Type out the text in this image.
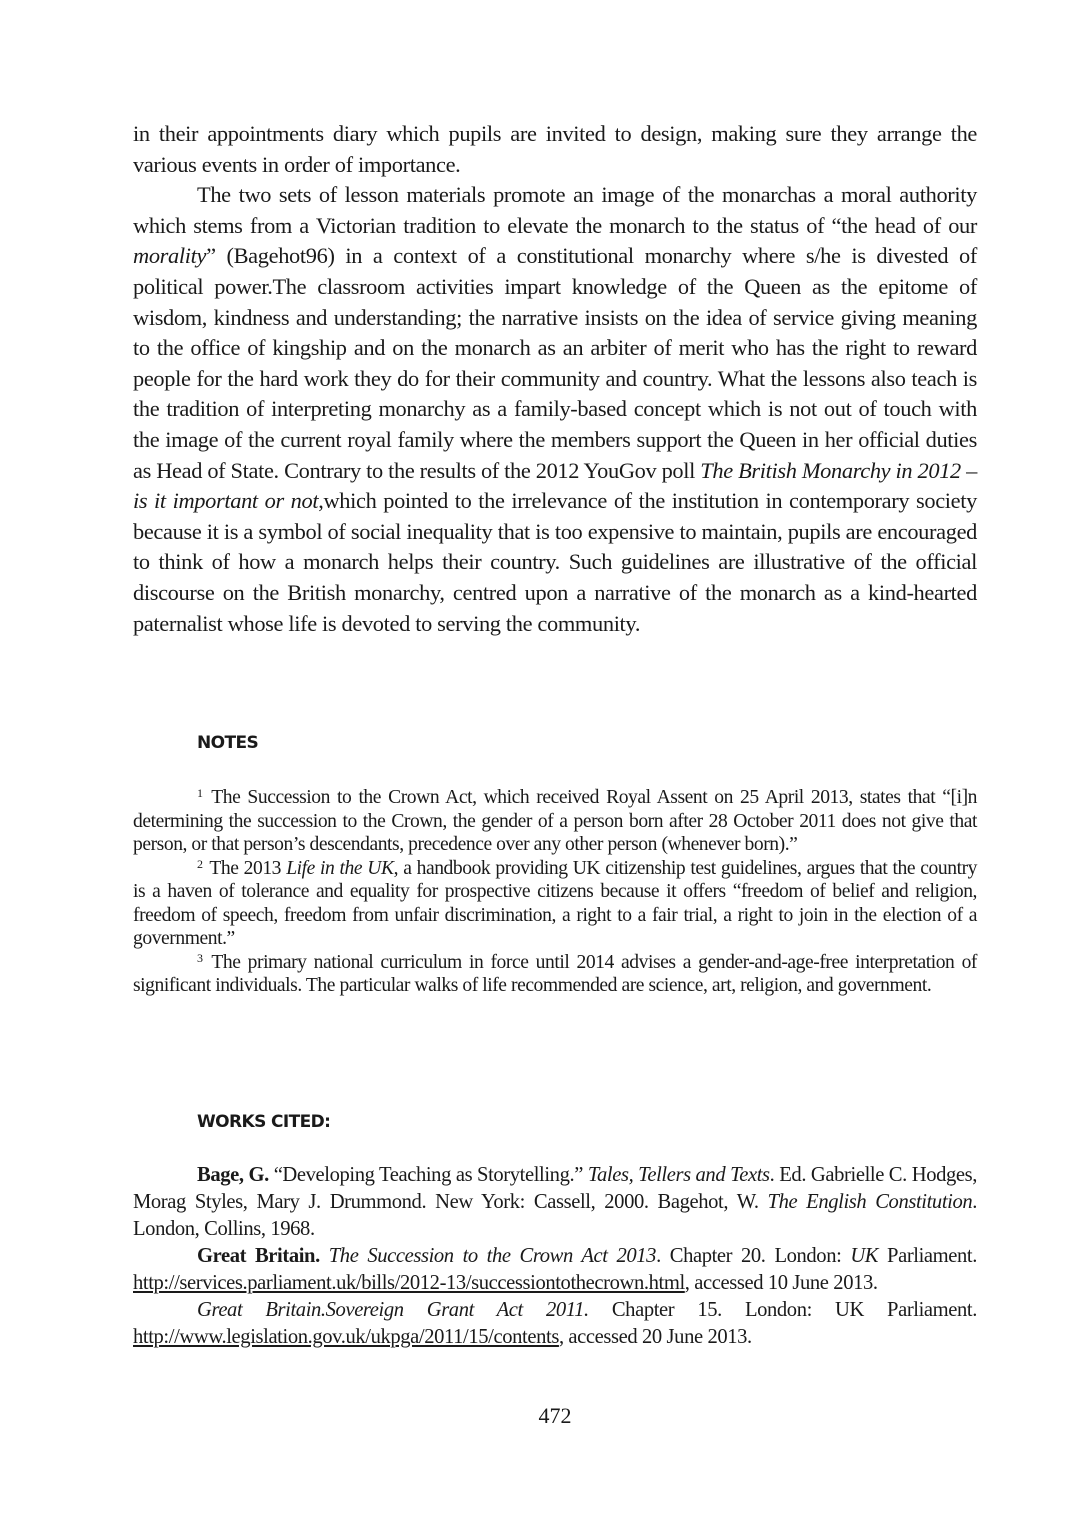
in their appointments diary which pupils are invited to design, making sure they arrange the various events in order of importance.

The two sets of lesson materials promote an image of the monarchas a moral authority which stems from a Victorian tradition to elevate the monarch to the status of “the head of our morality” (Bagehot96) in a context of a constitutional monarchy where s/he is divested of political power.The classroom activities impart knowledge of the Queen as the epitome of wisdom, kindness and understanding; the narrative insists on the idea of service giving meaning to the office of kingship and on the monarch as an arbiter of merit who has the right to reward people for the hard work they do for their community and country. What the lessons also teach is the tradition of interpreting monarchy as a family-based concept which is not out of touch with the image of the current royal family where the members support the Queen in her official duties as Head of State. Contrary to the results of the 2012 YouGov poll The British Monarchy in 2012 – is it important or not,which pointed to the irrelevance of the institution in contemporary society because it is a symbol of social inequality that is too expensive to maintain, pupils are encouraged to think of how a monarch helps their country. Such guidelines are illustrative of the official discourse on the British monarchy, centred upon a narrative of the monarch as a kind-hearted paternalist whose life is devoted to serving the community.

NOTES

$^1$ The Succession to the Crown Act, which received Royal Assent on 25 April 2013, states that “[i]n determining the succession to the Crown, the gender of a person born after 28 October 2011 does not give that person, or that person’s descendants, precedence over any other person (whenever born).”

$^2$ The 2013 Life in the UK, a handbook providing UK citizenship test guidelines, argues that the country is a haven of tolerance and equality for prospective citizens because it offers “freedom of belief and religion, freedom of speech, freedom from unfair discrimination, a right to a fair trial, a right to join in the election of a government.”

$^3$ The primary national curriculum in force until 2014 advises a gender-and-age-free interpretation of significant individuals. The particular walks of life recommended are science, art, religion, and government.

WORKS CITED:

Bage, G. “Developing Teaching as Storytelling.” Tales, Tellers and Texts. Ed. Gabrielle C. Hodges, Morag Styles, Mary J. Drummond. New York: Cassell, 2000. Bagehot, W. The English Constitution. London, Collins, 1968.

Great Britain. The Succession to the Crown Act 2013. Chapter 20. London: UK Parliament. http://services.parliament.uk/bills/2012-13/successiontothecrown.html, accessed 10 June 2013.

Great Britain.Sovereign Grant Act 2011. Chapter 15. London: UK Parliament. http://www.legislation.gov.uk/ukpga/2011/15/contents, accessed 20 June 2013.

472
